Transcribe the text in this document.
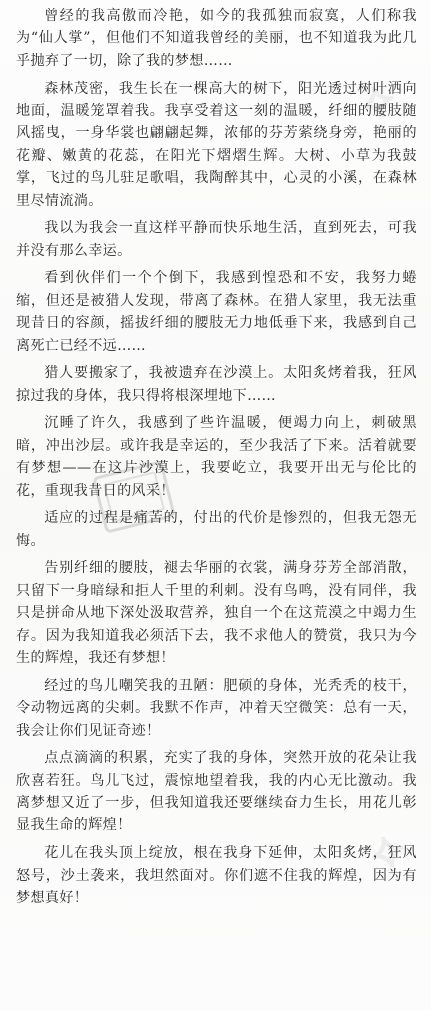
⟡
⟡

曾经的我高傲而冷艳，如今的我孤独而寂寞，人们称我为“仙人掌”，但他们不知道我曾经的美丽，也不知道我为此几乎抛弃了一切，除了我的梦想……

森林茂密，我生长在一棵高大的树下，阳光透过树叶洒向地面，温暖笼罩着我。我享受着这一刻的温暖，纤细的腰肢随风摇曳，一身华裳也翩翩起舞，浓郁的芬芳萦绕身旁，艳丽的花瓣、嫩黄的花蕊，在阳光下熠熠生辉。大树、小草为我鼓掌，飞过的鸟儿驻足歌唱，我陶醉其中，心灵的小溪，在森林里尽情流淌。

我以为我会一直这样平静而快乐地生活，直到死去，可我并没有那么幸运。

看到伙伴们一个个倒下，我感到惶恐和不安，我努力蜷缩，但还是被猎人发现，带离了森林。在猎人家里，我无法重现昔日的容颜，摇拔纤细的腰肢无力地低垂下来，我感到自己离死亡已经不远……

猎人要搬家了，我被遗弃在沙漠上。太阳炙烤着我，狂风掠过我的身体，我只得将根深埋地下……

沉睡了许久，我感到了些许温暖，便竭力向上，刺破黑暗，冲出沙层。或许我是幸运的，至少我活了下来。活着就要有梦想——在这片沙漠上，我要屹立，我要开出无与伦比的花，重现我昔日的风采！

适应的过程是痛苦的，付出的代价是惨烈的，但我无怨无悔。

告别纤细的腰肢，褪去华丽的衣裳，满身芬芳全部消散，只留下一身暗绿和拒人千里的利刺。没有鸟鸣，没有同伴，我只是拼命从地下深处汲取营养，独自一个在这荒漠之中竭力生存。因为我知道我必须活下去，我不求他人的赞赏，我只为今生的辉煌，我还有梦想！

经过的鸟儿嘲笑我的丑陋：肥硕的身体，光秃秃的枝干，令动物远离的尖刺。我默不作声，冲着天空微笑：总有一天，我会让你们见证奇迹！

点点滴滴的积累，充实了我的身体，突然开放的花朵让我欣喜若狂。鸟儿飞过，震惊地望着我，我的内心无比激动。我离梦想又近了一步，但我知道我还要继续奋力生长，用花儿彰显我生命的辉煌！

花儿在我头顶上绽放，根在我身下延伸，太阳炙烤，狂风怒号，沙土袭来，我坦然面对。你们遮不住我的辉煌，因为有梦想真好！
